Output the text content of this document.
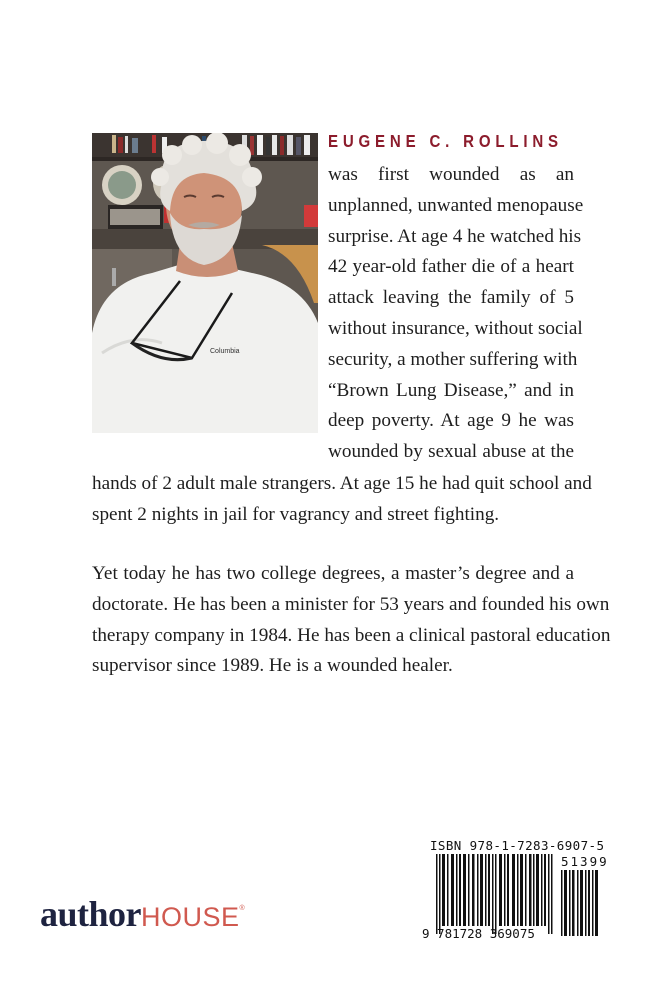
Columbia
EUGENE C. ROLLINS
was first wounded as an
unplanned, unwanted menopause
surprise. At age 4 he watched his
42 year-old father die of a heart
attack leaving the family of 5
without insurance, without social
security, a mother suffering with
“Brown Lung Disease,” and in
deep poverty. At age 9 he was
wounded by sexual abuse at the
hands of 2 adult male strangers. At age 15 he had quit school and
spent 2 nights in jail for vagrancy and street fighting.
Yet today he has two college degrees, a master’s degree and a
doctorate. He has been a minister for 53 years and founded his own
therapy company in 1984. He has been a clinical pastoral education
supervisor since 1989. He is a wounded healer.
authorHOUSE®
ISBN 978-1-7283-6907-5
51399
9 781728 369075
